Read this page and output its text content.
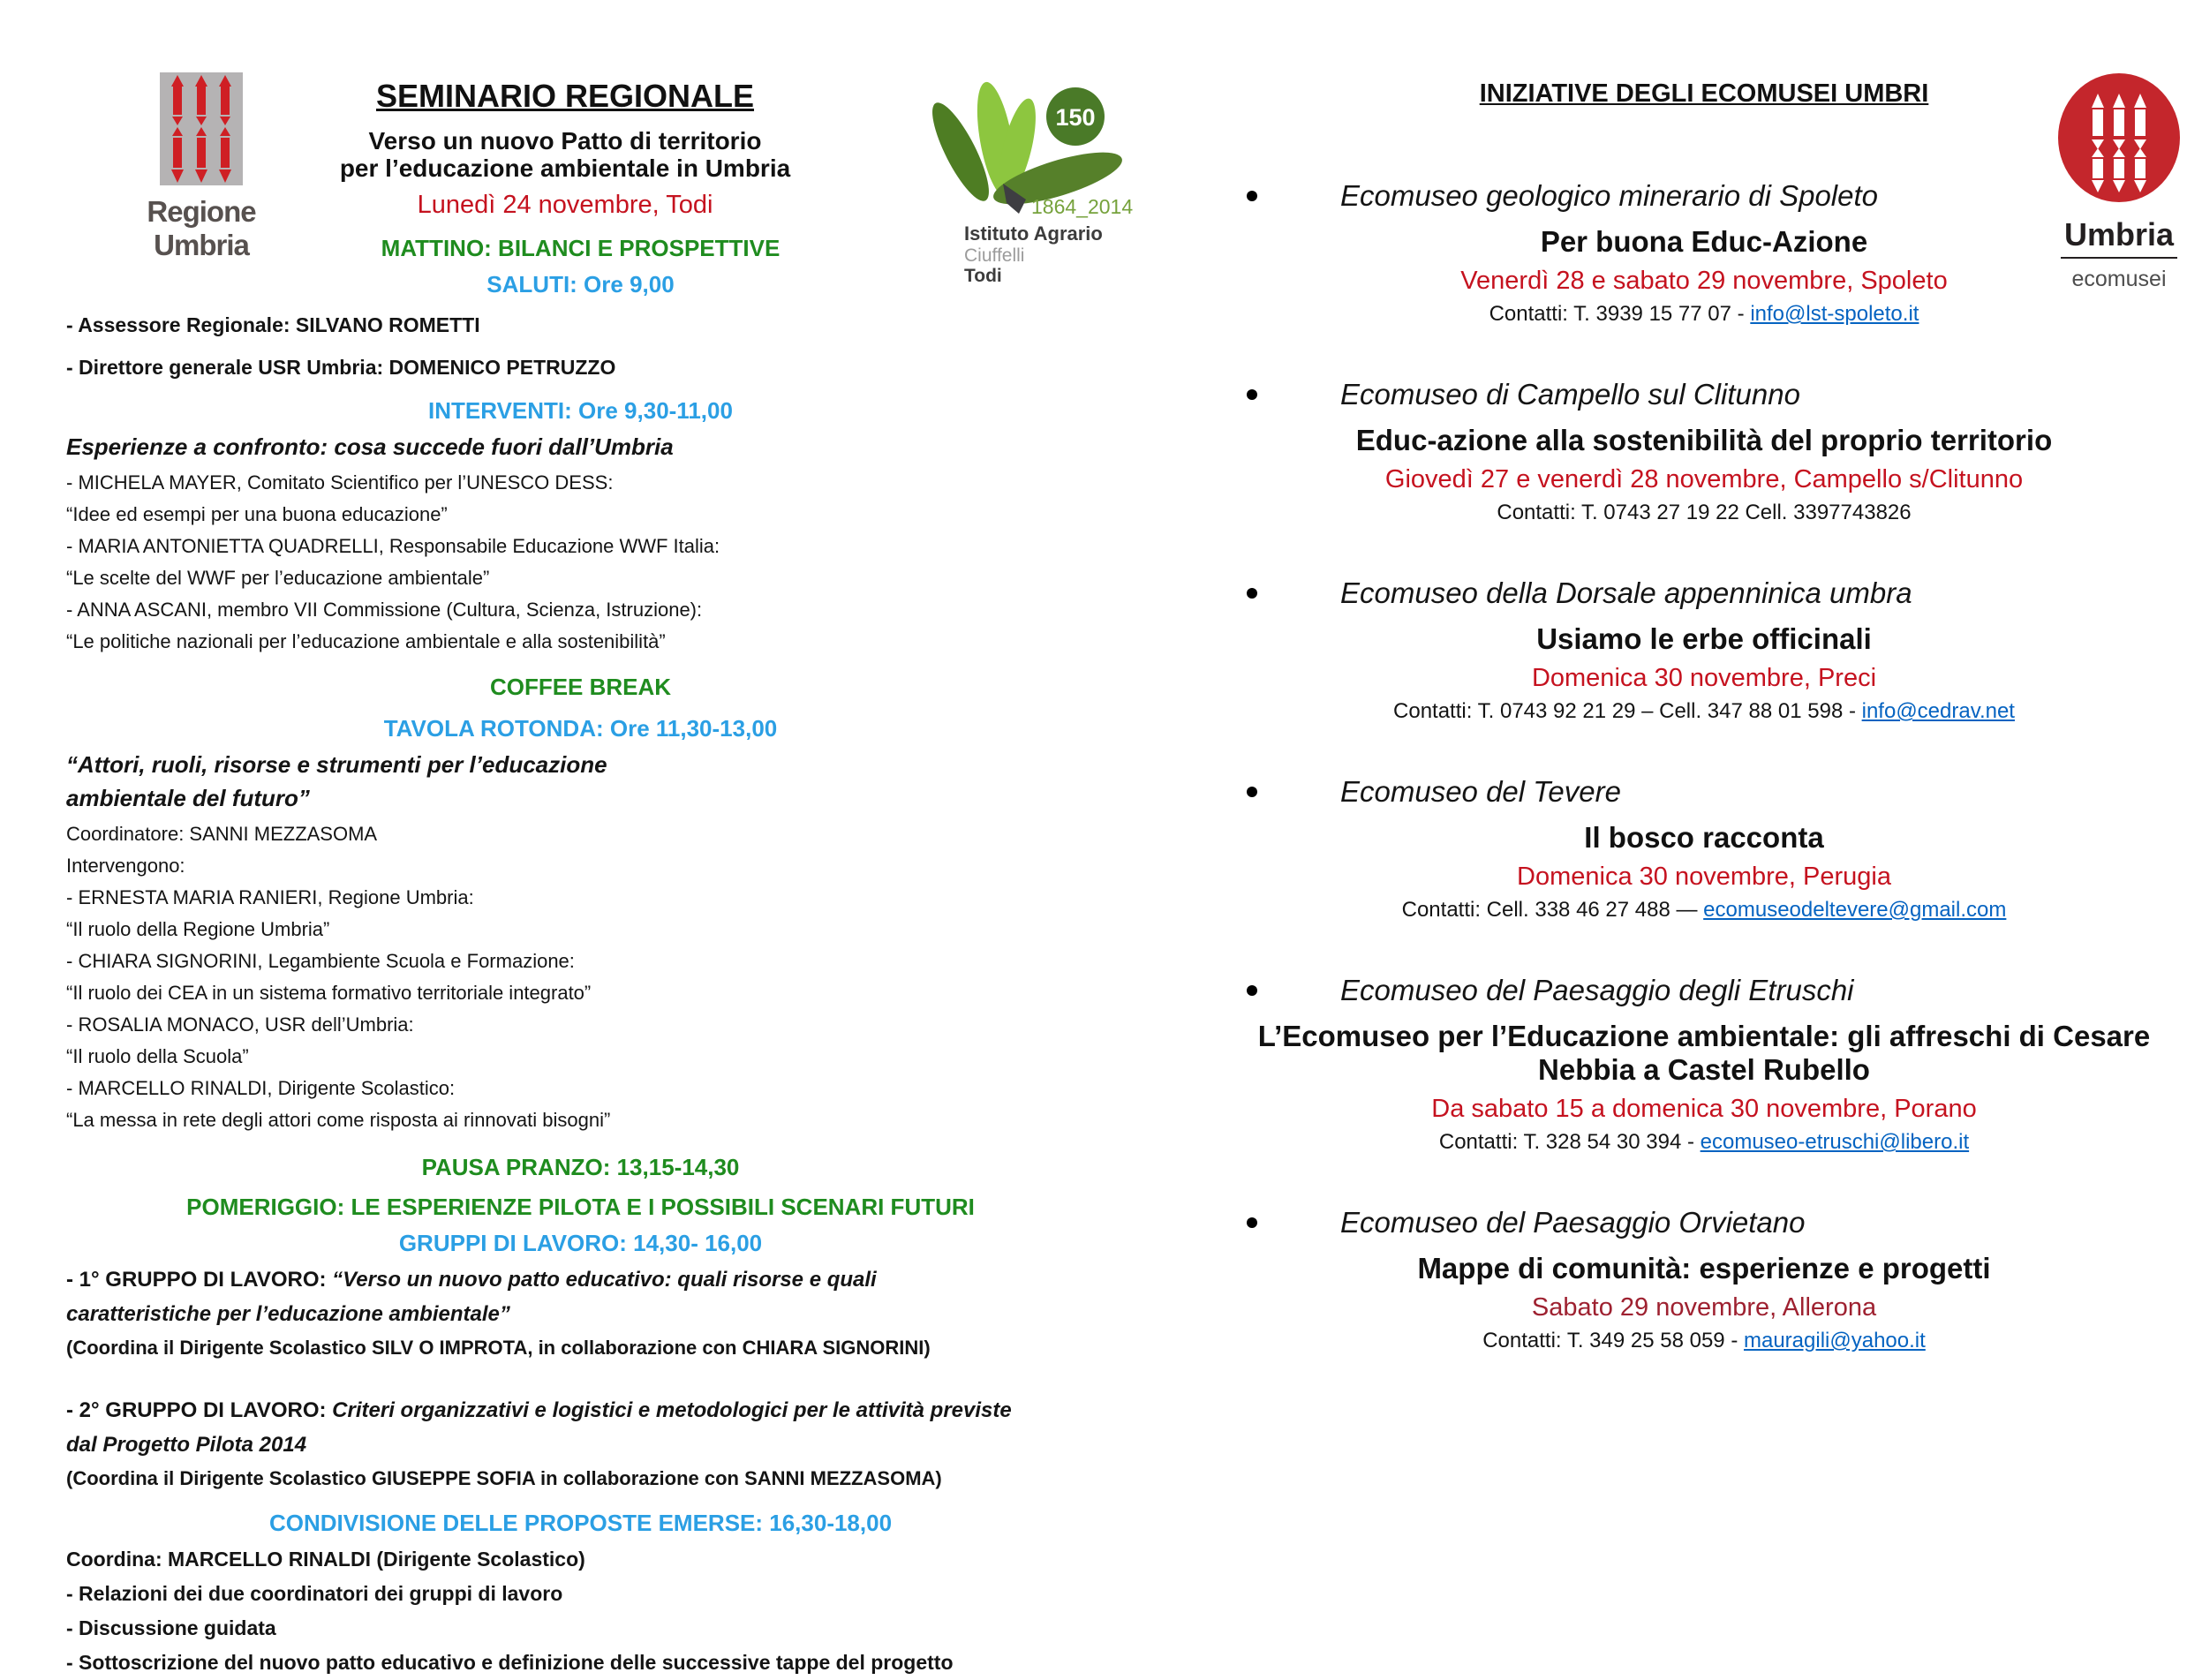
Regione Umbria
SEMINARIO REGIONALE
Verso un nuovo Patto di territorio
per l’educazione ambientale in Umbria
Lunedì 24 novembre, Todi
150
1864_2014
Istituto Agrario
Ciuffelli
Todi
MATTINO: BILANCI E PROSPETTIVE
SALUTI: Ore 9,00

- Assessore Regionale: SILVANO ROMETTI

- Direttore generale USR Umbria: DOMENICO PETRUZZO

INTERVENTI: Ore 9,30-11,00

Esperienze a confronto: cosa succede fuori dall’Umbria

- MICHELA MAYER, Comitato Scientifico per l’UNESCO DESS:

“Idee ed esempi per una buona educazione”

- MARIA ANTONIETTA QUADRELLI, Responsabile Educazione WWF Italia:

“Le scelte del WWF per l’educazione ambientale”

- ANNA ASCANI, membro VII Commissione (Cultura, Scienza, Istruzione):

“Le politiche nazionali per l’educazione ambientale e alla sostenibilità”

COFFEE BREAK
TAVOLA ROTONDA: Ore 11,30-13,00

“Attori, ruoli, risorse e strumenti per l’educazione ambientale del futuro”

Coordinatore: SANNI MEZZASOMA

Intervengono:

- ERNESTA MARIA RANIERI, Regione Umbria:

“Il ruolo della Regione Umbria”

- CHIARA SIGNORINI, Legambiente Scuola e Formazione:

“Il ruolo dei CEA in un sistema formativo territoriale integrato”

- ROSALIA MONACO, USR dell’Umbria:

“Il ruolo della Scuola”

- MARCELLO RINALDI, Dirigente Scolastico:

“La messa in rete degli attori come risposta ai rinnovati bisogni”

PAUSA PRANZO: 13,15-14,30
POMERIGGIO: LE ESPERIENZE PILOTA E I POSSIBILI SCENARI FUTURI
GRUPPI DI LAVORO: 14,30- 16,00

- 1° GRUPPO DI LAVORO: “Verso un nuovo patto educativo: quali risorse e quali caratteristiche per l’educazione ambientale”

(Coordina il Dirigente Scolastico SILV O IMPROTA, in collaborazione con CHIARA SIGNORINI)

- 2° GRUPPO DI LAVORO: Criteri organizzativi e logistici e metodologici per le attività previste dal Progetto Pilota 2014

(Coordina il Dirigente Scolastico GIUSEPPE SOFIA in collaborazione con SANNI MEZZASOMA)

CONDIVISIONE DELLE PROPOSTE EMERSE: 16,30-18,00

Coordina: MARCELLO RINALDI (Dirigente Scolastico)

- Relazioni dei due coordinatori dei gruppi di lavoro

- Discussione guidata

- Sottoscrizione del nuovo patto educativo e definizione delle successive tappe del progetto

INIZIATIVE DEGLI ECOMUSEI UMBRI
Ecomuseo geologico minerario di Spoleto
Per buona Educ-Azione
Venerdì 28 e sabato 29 novembre, Spoleto
Contatti: T. 3939 15 77 07 - info@lst-spoleto.it
Ecomuseo di Campello sul Clitunno
Educ-azione alla sostenibilità del proprio territorio
Giovedì 27 e venerdì 28 novembre, Campello s/Clitunno
Contatti: T. 0743 27 19 22 Cell. 3397743826
Ecomuseo della Dorsale appenninica umbra
Usiamo le erbe officinali
Domenica 30 novembre, Preci
Contatti: T. 0743 92 21 29 – Cell. 347 88 01 598 - info@cedrav.net
Ecomuseo del Tevere
Il bosco racconta
Domenica 30 novembre, Perugia
Contatti: Cell. 338 46 27 488 — ecomuseodeltevere@gmail.com
Ecomuseo del Paesaggio degli Etruschi
L’Ecomuseo per l’Educazione ambientale: gli affreschi di Cesare Nebbia a Castel Rubello
Da sabato 15 a domenica 30 novembre, Porano
Contatti: T. 328 54 30 394 - ecomuseo-etruschi@libero.it
Ecomuseo del Paesaggio Orvietano
Mappe di comunità: esperienze e progetti
Sabato 29 novembre, Allerona
Contatti: T. 349 25 58 059 - mauragili@yahoo.it
Umbria
ecomusei
